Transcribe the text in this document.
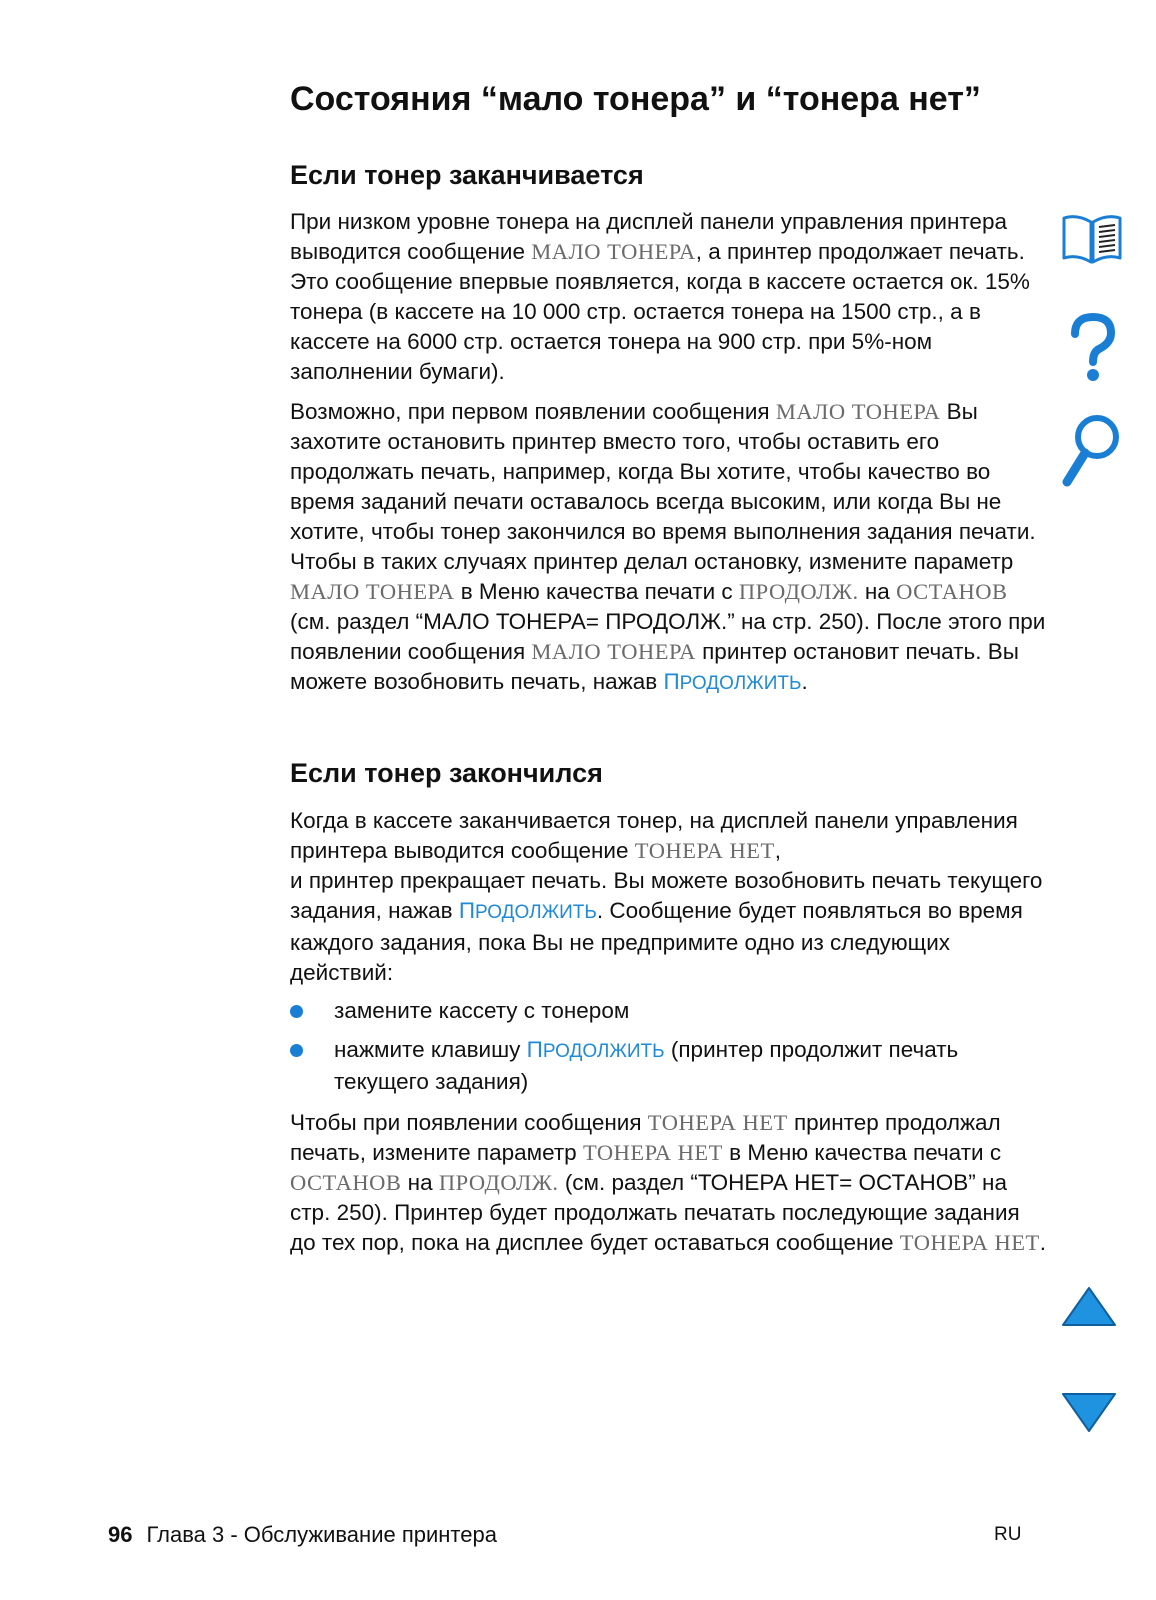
Состояния “мало тонера” и “тонера нет”
Если тонер заканчивается

При низком уровне тонера на дисплей панели управления принтера выводится сообщение МАЛО ТОНЕРА, а принтер продолжает печать. Это сообщение впервые появляется, когда в кассете остается ок. 15% тонера (в кассете на 10 000 стр. остается тонера на 1500 стр., а в кассете на 6000 стр. остается тонера на 900 стр. при 5%-ном заполнении бумаги).

Возможно, при первом появлении сообщения МАЛО ТОНЕРА Вы захотите остановить принтер вместо того, чтобы оставить его продолжать печать, например, когда Вы хотите, чтобы качество во время заданий печати оставалось всегда высоким, или когда Вы не хотите, чтобы тонер закончился во время выполнения задания печати. Чтобы в таких случаях принтер делал остановку, измените параметр МАЛО ТОНЕРА в Меню качества печати с ПРОДОЛЖ. на ОСТАНОВ (см. раздел “МАЛО ТОНЕРА= ПРОДОЛЖ.” на стр. 250). После этого при появлении сообщения МАЛО ТОНЕРА принтер остановит печать. Вы можете возобновить печать, нажав ПРОДОЛЖИТЬ.

Если тонер закончился

Когда в кассете заканчивается тонер, на дисплей панели управления принтера выводится сообщение ТОНЕРА НЕТ,
и принтер прекращает печать. Вы можете возобновить печать текущего задания, нажав ПРОДОЛЖИТЬ. Сообщение будет появляться во время каждого задания, пока Вы не предпримите одно из следующих действий:

замените кассету с тонером
нажмите клавишу ПРОДОЛЖИТЬ (принтер продолжит печать текущего задания)

Чтобы при появлении сообщения ТОНЕРА НЕТ принтер продолжал печать, измените параметр ТОНЕРА НЕТ в Меню качества печати с ОСТАНОВ на ПРОДОЛЖ. (см. раздел “ТОНЕРА НЕТ= ОСТАНОВ” на стр. 250). Принтер будет продолжать печатать последующие задания до тех пор, пока на дисплее будет оставаться сообщение ТОНЕРА НЕТ.

96 Глава 3 - Обслуживание принтера	RU
